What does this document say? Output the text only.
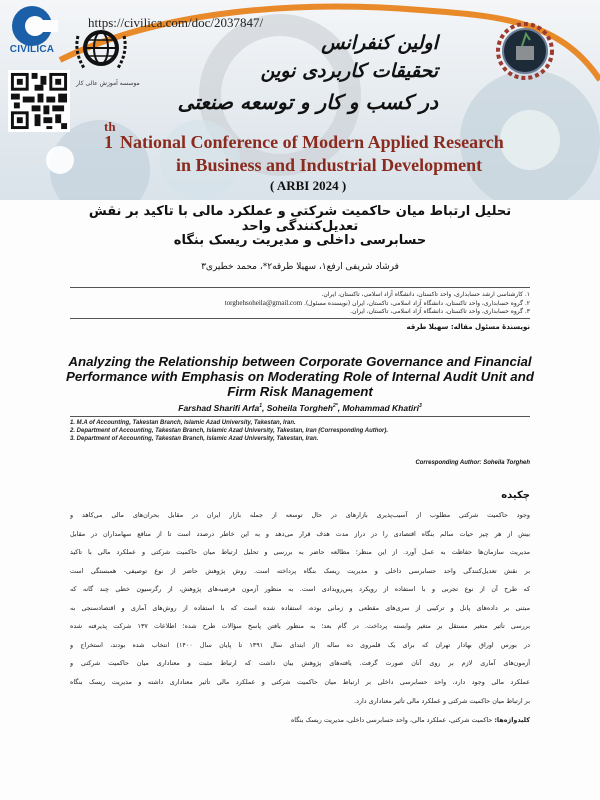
CIVILICA
https://civilica.com/doc/2037847/
موسسه آموزش عالی کار
اولین کنفرانس
تحقیقات کاربردی نوین
در کسب و کار و توسعه صنعتی
th
1 National Conference of Modern Applied Research
in Business and Industrial Development
( ARBI 2024 )
تحلیل ارتباط میان حاکمیت شرکتی و عملکرد مالی با تاکید بر نقش تعدیل‌کنندگی واحد
حسابرسی داخلی و مدیریت ریسک بنگاه
فرشاد شریفی ارفع۱، سهیلا طرقه۲*، محمد خطیری۳
۱. کارشناسی ارشد حسابداری، واحد تاکستان، دانشگاه آزاد اسلامی، تاکستان، ایران.
۲. گروه حسابداری، واحد تاکستان، دانشگاه آزاد اسلامی، تاکستان، ایران (نویسنده مسئول). torghehsoheila@gmail.com
۳. گروه حسابداری، واحد تاکستان، دانشگاه آزاد اسلامی، تاکستان، ایران.
نویسندۀ مسئول مقاله: سهیلا طرقه
Analyzing the Relationship between Corporate Governance and Financial Performance with Emphasis on Moderating Role of Internal Audit Unit and Firm Risk Management
Farshad Sharifi Arfa$^1$, Soheila Torgheh$^{2*}$, Mohammad Khatiri$^3$
1. M.A of Accounting, Takestan Branch, Islamic Azad University, Takestan, Iran.
2. Department of Accounting, Takestan Branch, Islamic Azad University, Takestan, Iran (Corresponding Author).
3. Department of Accounting, Takestan Branch, Islamic Azad University, Takestan, Iran.
Corresponding Author: Soheila Torgheh
چکیده
وجود حاکمیت شرکتی مطلوب از آسیب‌پذیری بازارهای در حال توسعه از جمله بازار ایران در مقابل بحران‌های مالی می‌کاهد و
بیش از هر چیز حیات سالم بنگاه اقتصادی را در دراز مدت هدف قرار می‌دهد و به این خاطر درصدد است تا از منافع سهامداران در مقابل
مدیریت سازمان‌ها حفاظت به عمل آورد. از این منظر؛ مطالعه حاضر به بررسی و تحلیل ارتباط میان حاکمیت شرکتی و عملکرد مالی با تاکید
بر نقش تعدیل‌کنندگی واحد حسابرسی داخلی و مدیریت ریسک بنگاه پرداخته است. روش پژوهش حاضر از نوع توصیفی- همبستگی است
که طرح آن از نوع تجربی و با استفاده از رویکرد پس‌رویدادی است. به منظور آزمون فرضیه‌های پژوهش، از رگرسیون خطی چند گانه که
مبتنی بر داده‌های پانل و ترکیبی از سری‌های مقطعی و زمانی بوده، استفاده شده است که با استفاده از روش‌های آماری و اقتصادسنجی به
بررسی تأثیر متغیر مستقل بر متغیر وابسته پرداخت. در گام بعد؛ به منظور یافتن پاسخ سؤالات طرح شده؛ اطلاعات ۱۳۷ شرکت پذیرفته شده
در بورس اوراق بهادار تهران که برای یک قلمروی ده ساله (از ابتدای سال ۱۳۹۱ تا پایان سال ۱۴۰۰) انتخاب شده بودند، استخراج و
آزمون‌های آماری لازم بر روی آنان صورت گرفت. یافته‌های پژوهش بیان داشت که ارتباط مثبت و معناداری میان حاکمیت شرکتی و
عملکرد مالی وجود دارد، واحد حسابرسی داخلی بر ارتباط میان حاکمیت شرکتی و عملکرد مالی تأثیر معناداری داشته و مدیریت ریسک بنگاه
بر ارتباط میان حاکمیت شرکتی و عملکرد مالی تأثیر معناداری دارد.
کلیدواژه‌ها: حاکمیت شرکتی، عملکرد مالی، واحد حسابرسی داخلی، مدیریت ریسک بنگاه
